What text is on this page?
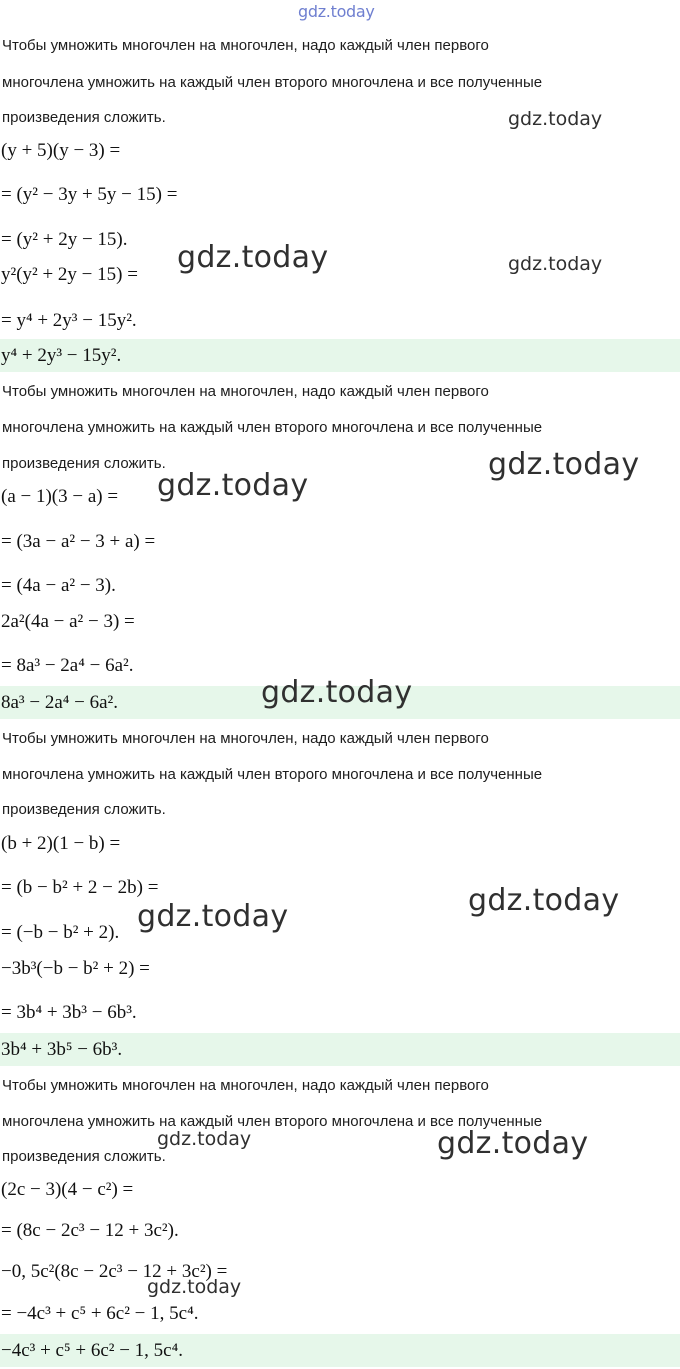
gdz.today
Чтобы умножить многочлен на многочлен, надо каждый член первого
многочлена умножить на каждый член второго многочлена и все полученные
произведения сложить.
(y + 5)(y − 3) =
= (y² − 3y + 5y − 15) =
= (y² + 2y − 15).
y²(y² + 2y − 15) =
= y⁴ + 2y³ − 15y².
y⁴ + 2y³ − 15y².
Чтобы умножить многочлен на многочлен, надо каждый член первого
многочлена умножить на каждый член второго многочлена и все полученные
произведения сложить.
(a − 1)(3 − a) =
= (3a − a² − 3 + a) =
= (4a − a² − 3).
2a²(4a − a² − 3) =
= 8a³ − 2a⁴ − 6a².
8a³ − 2a⁴ − 6a².
Чтобы умножить многочлен на многочлен, надо каждый член первого
многочлена умножить на каждый член второго многочлена и все полученные
произведения сложить.
(b + 2)(1 − b) =
= (b − b² + 2 − 2b) =
= (−b − b² + 2).
−3b³(−b − b² + 2) =
= 3b⁴ + 3b³ − 6b³.
3b⁴ + 3b⁵ − 6b³.
Чтобы умножить многочлен на многочлен, надо каждый член первого
многочлена умножить на каждый член второго многочлена и все полученные
произведения сложить.
(2c − 3)(4 − c²) =
= (8c − 2c³ − 12 + 3c²).
−0, 5c²(8c − 2c³ − 12 + 3c²) =
= −4c³ + c⁵ + 6c² − 1, 5c⁴.
−4c³ + c⁵ + 6c² − 1, 5c⁴.
gdz.today
gdz.today	gdz.today
gdz.today
gdz.today
gdz.today
gdz.today
gdz.today
gdz.today	gdz.today
gdz.today
